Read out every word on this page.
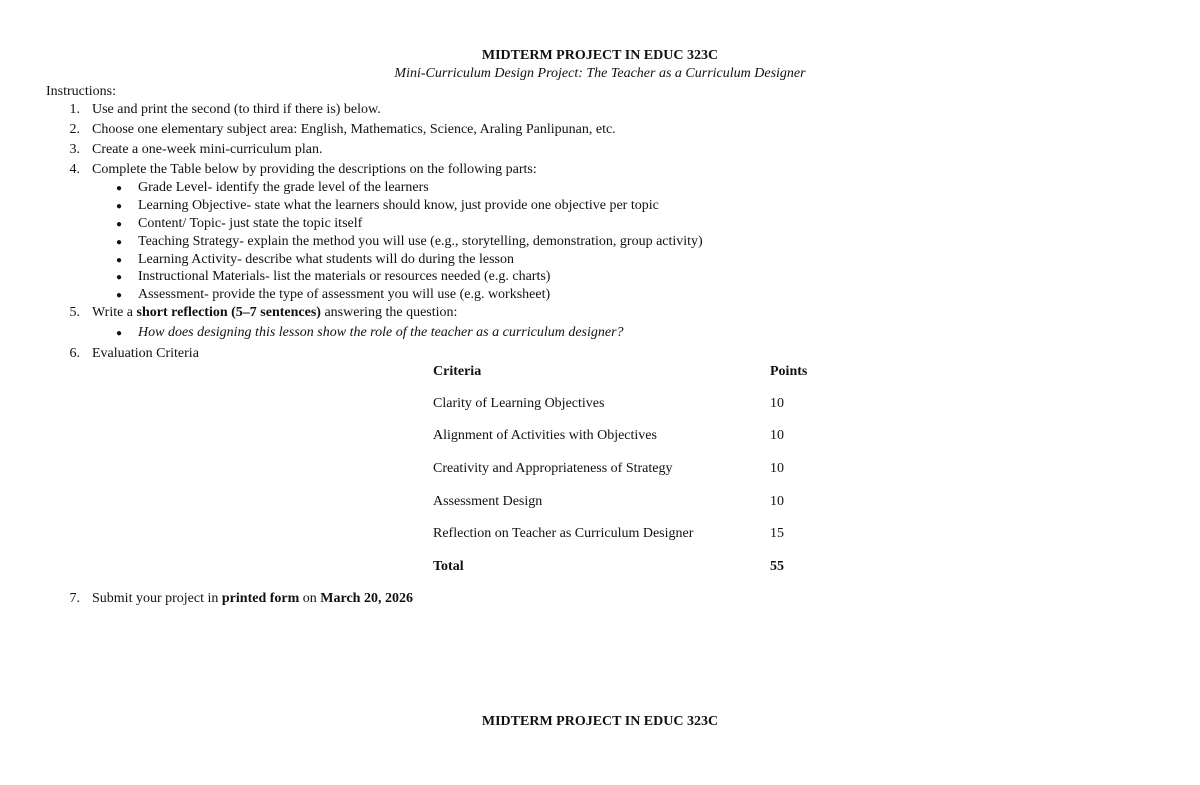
MIDTERM PROJECT IN EDUC 323C
Mini-Curriculum Design Project: The Teacher as a Curriculum Designer
Instructions:
1. Use and print the second (to third if there is) below.
2. Choose one elementary subject area: English, Mathematics, Science, Araling Panlipunan, etc.
3. Create a one-week mini-curriculum plan.
4. Complete the Table below by providing the descriptions on the following parts:
● Grade Level- identify the grade level of the learners
● Learning Objective- state what the learners should know, just provide one objective per topic
● Content/ Topic- just state the topic itself
● Teaching Strategy- explain the method you will use (e.g., storytelling, demonstration, group activity)
● Learning Activity- describe what students will do during the lesson
● Instructional Materials- list the materials or resources needed (e.g. charts)
● Assessment- provide the type of assessment you will use (e.g. worksheet)
5. Write a short reflection (5–7 sentences) answering the question:
● How does designing this lesson show the role of the teacher as a curriculum designer?
6. Evaluation Criteria
Criteria	Points
Clarity of Learning Objectives	10
Alignment of Activities with Objectives	10
Creativity and Appropriateness of Strategy	10
Assessment Design	10
Reflection on Teacher as Curriculum Designer	15
Total	55
7. Submit your project in printed form on March 20, 2026
MIDTERM PROJECT IN EDUC 323C
